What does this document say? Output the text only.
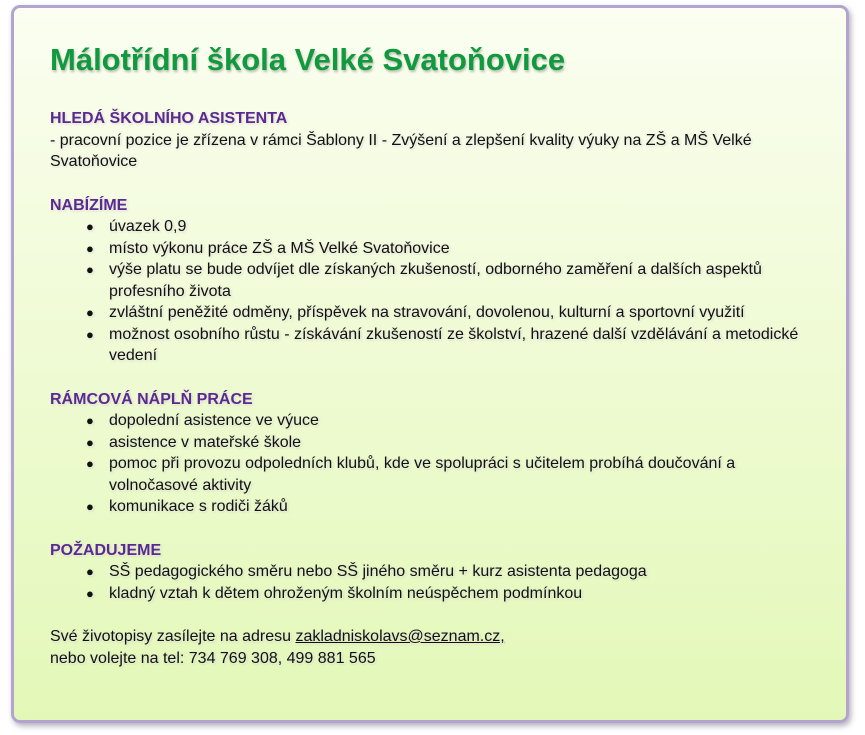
Málotřídní škola Velké Svatoňovice

HLEDÁ ŠKOLNÍHO ASISTENTA

- pracovní pozice je zřízena v rámci Šablony II - Zvýšení a zlepšení kvality výuky na ZŠ a MŠ Velké Svatoňovice

NABÍZÍME

● úvazek 0,9
● místo výkonu práce ZŠ a MŠ Velké Svatoňovice
● výše platu se bude odvíjet dle získaných zkušeností, odborného zaměření a dalších aspektů profesního života
● zvláštní peněžité odměny, příspěvek na stravování, dovolenou, kulturní a sportovní využití
● možnost osobního růstu - získávání zkušeností ze školství, hrazené další vzdělávání a metodické vedení

RÁMCOVÁ NÁPLŇ PRÁCE

● dopolední asistence ve výuce
● asistence v mateřské škole
● pomoc při provozu odpoledních klubů, kde ve spolupráci s učitelem probíhá doučování a volnočasové aktivity
● komunikace s rodiči žáků

POŽADUJEME

● SŠ pedagogického směru nebo SŠ jiného směru + kurz asistenta pedagoga
● kladný vztah k dětem ohroženým školním neúspěchem podmínkou

Své životopisy zasílejte na adresu zakladniskolavs@seznam.cz,

nebo volejte na tel: 734 769 308, 499 881 565
